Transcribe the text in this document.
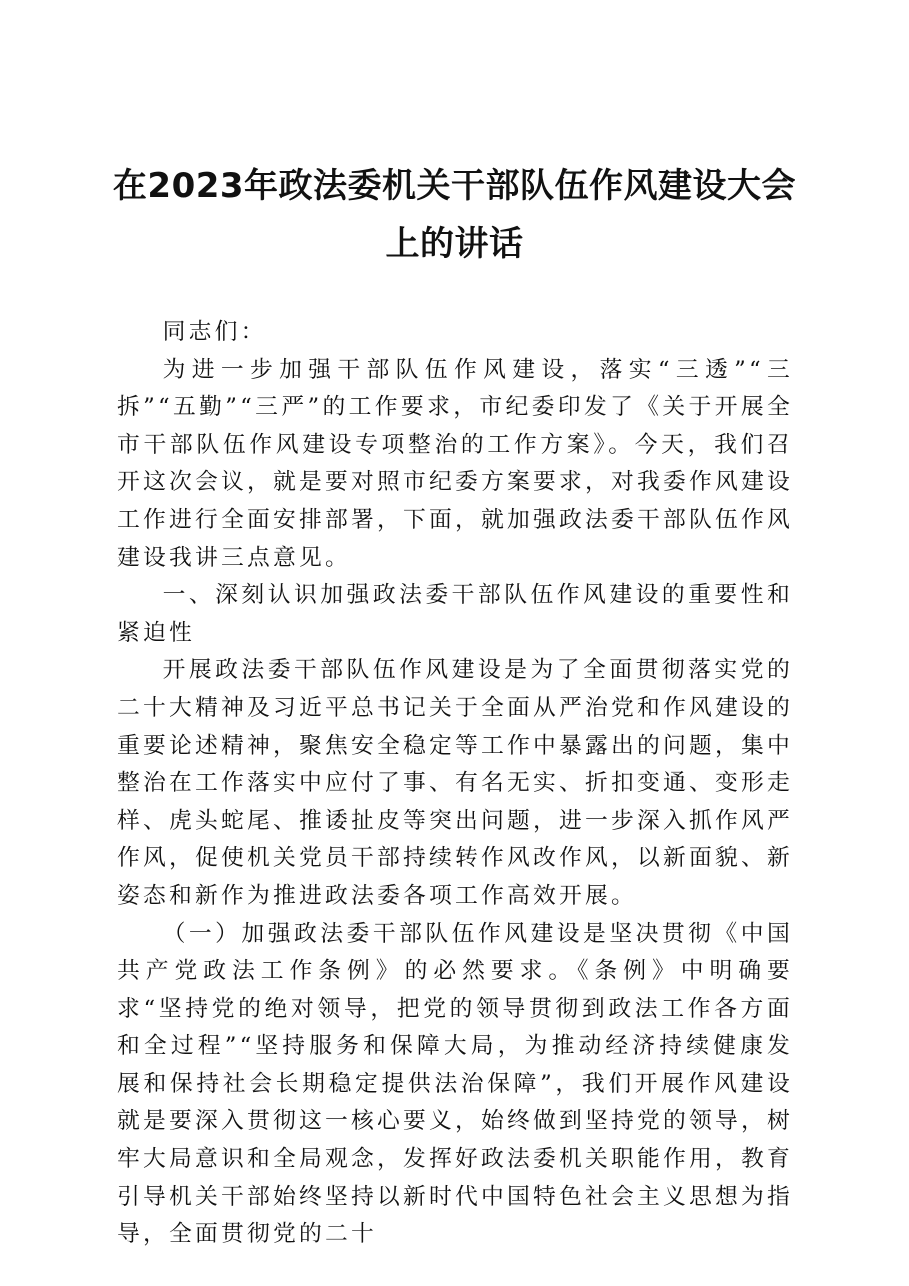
在2023年政法委机关干部队伍作风建设大会
上的讲话

同志们：

为进一步加强干部队伍作风建设，落实“三透”“三拆”“五勤”“三严”的工作要求，市纪委印发了《关于开展全市干部队伍作风建设专项整治的工作方案》。今天，我们召开这次会议，就是要对照市纪委方案要求，对我委作风建设工作进行全面安排部署，下面，就加强政法委干部队伍作风建设我讲三点意见。

一、深刻认识加强政法委干部队伍作风建设的重要性和紧迫性

开展政法委干部队伍作风建设是为了全面贯彻落实党的二十大精神及习近平总书记关于全面从严治党和作风建设的重要论述精神，聚焦安全稳定等工作中暴露出的问题，集中整治在工作落实中应付了事、有名无实、折扣变通、变形走样、虎头蛇尾、推诿扯皮等突出问题，进一步深入抓作风严作风，促使机关党员干部持续转作风改作风，以新面貌、新姿态和新作为推进政法委各项工作高效开展。

（一）加强政法委干部队伍作风建设是坚决贯彻《中国共产党政法工作条例》的必然要求。《条例》中明确要求“坚持党的绝对领导，把党的领导贯彻到政法工作各方面和全过程”“坚持服务和保障大局，为推动经济持续健康发展和保持社会长期稳定提供法治保障”，我们开展作风建设就是要深入贯彻这一核心要义，始终做到坚持党的领导，树牢大局意识和全局观念，发挥好政法委机关职能作用，教育引导机关干部始终坚持以新时代中国特色社会主义思想为指导，全面贯彻党的二十
